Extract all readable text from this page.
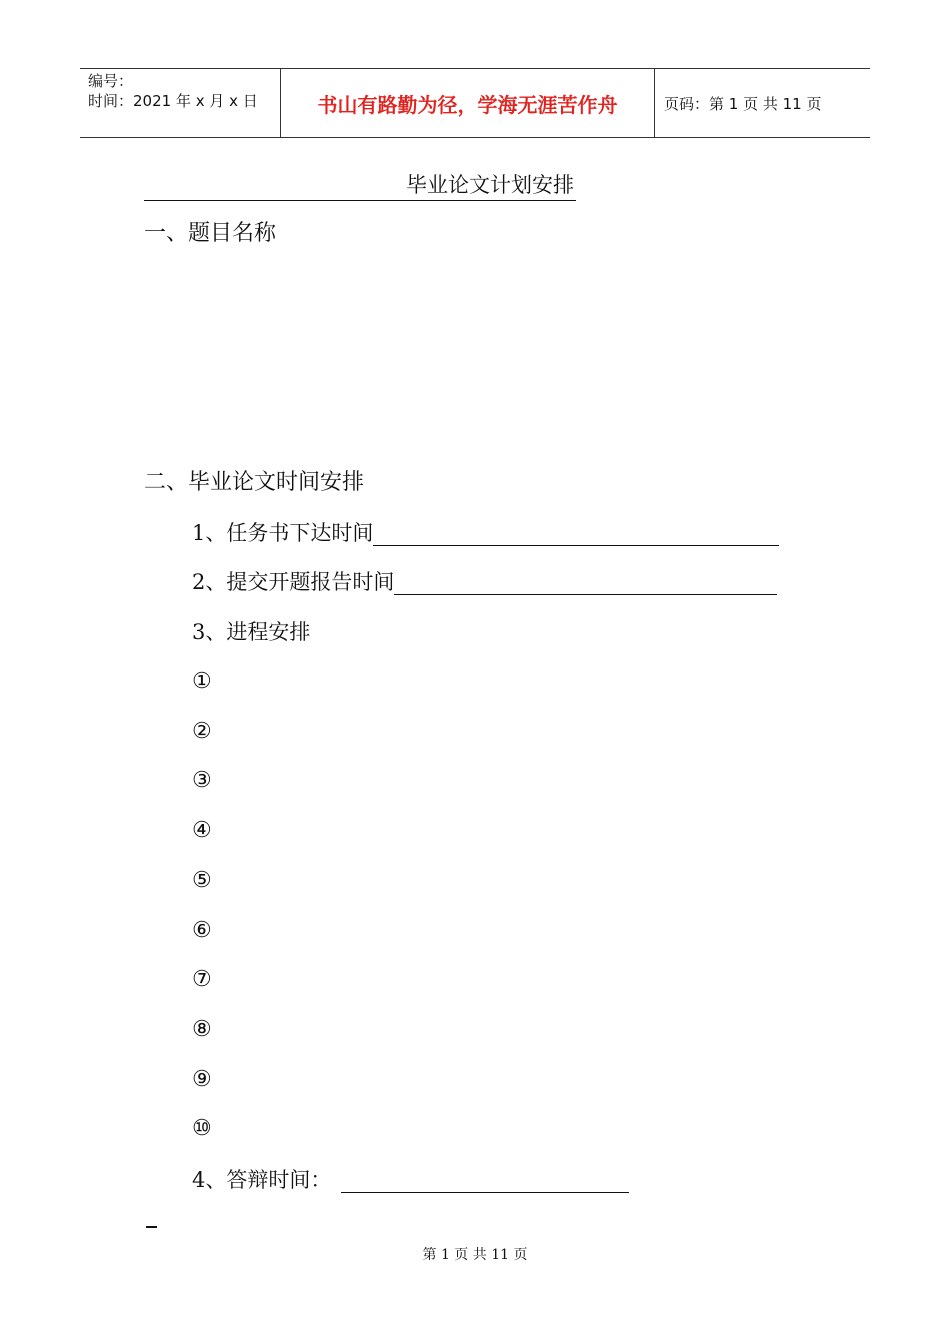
编号：
时间：2021 年 x 月 x 日	书山有路勤为径，学海无涯苦作舟	页码：第 1 页 共 11 页
毕业论文计划安排
一、题目名称
二、毕业论文时间安排
1、任务书下达时间
2、提交开题报告时间
3、进程安排
①
②
③
④
⑤
⑥
⑦
⑧
⑨
⑩
4、答辩时间：
第 1 页 共 11 页
